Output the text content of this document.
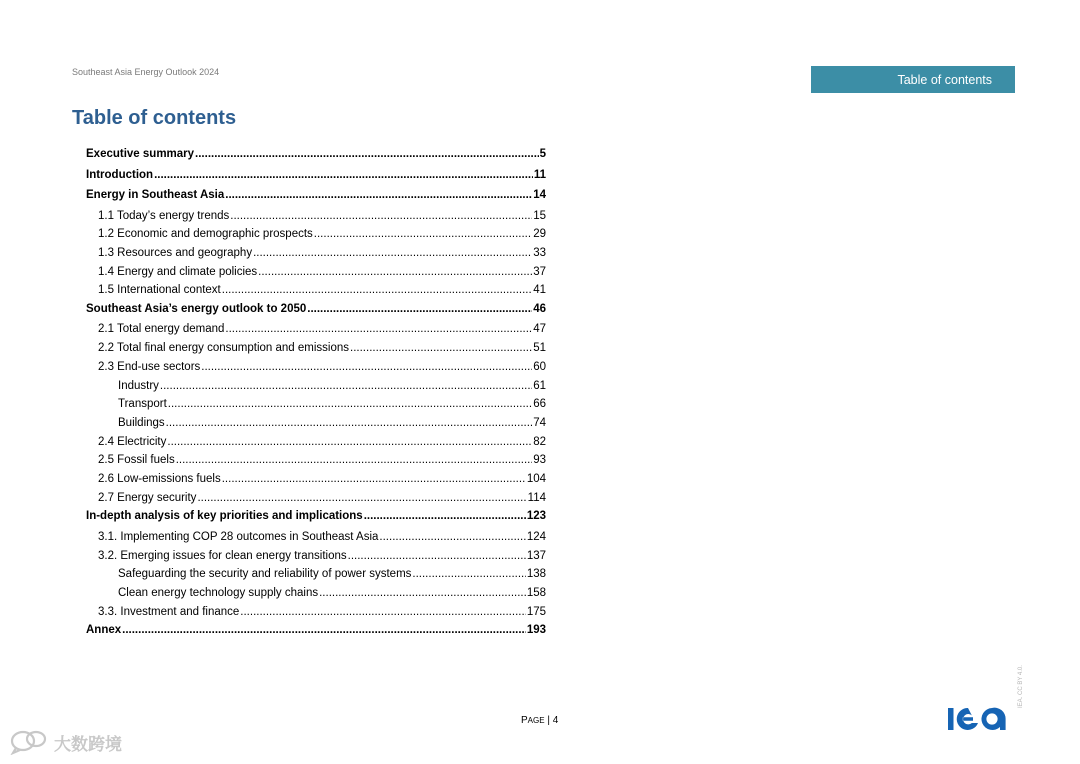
Southeast Asia Energy Outlook 2024
Table of contents
Table of contents
Executive summary .....	5
Introduction .....	11
Energy in Southeast Asia .....	14
1.1 Today’s energy trends .....	15
1.2 Economic and demographic prospects .....	29
1.3 Resources and geography .....	33
1.4 Energy and climate policies .....	37
1.5 International context .....	41
Southeast Asia’s energy outlook to 2050 .....	46
2.1 Total energy demand .....	47
2.2 Total final energy consumption and emissions .....	51
2.3 End-use sectors .....	60
Industry .....	61
Transport .....	66
Buildings .....	74
2.4 Electricity .....	82
2.5 Fossil fuels .....	93
2.6 Low-emissions fuels .....	104
2.7 Energy security .....	114
In-depth analysis of key priorities and implications .....	123
3.1. Implementing COP 28 outcomes in Southeast Asia .....	124
3.2. Emerging issues for clean energy transitions .....	137
Safeguarding the security and reliability of power systems .....	138
Clean energy technology supply chains .....	158
3.3. Investment and finance .....	175
Annex .....	193
PAGE | 4
IEA. CC BY 4.0.
大数跨境
